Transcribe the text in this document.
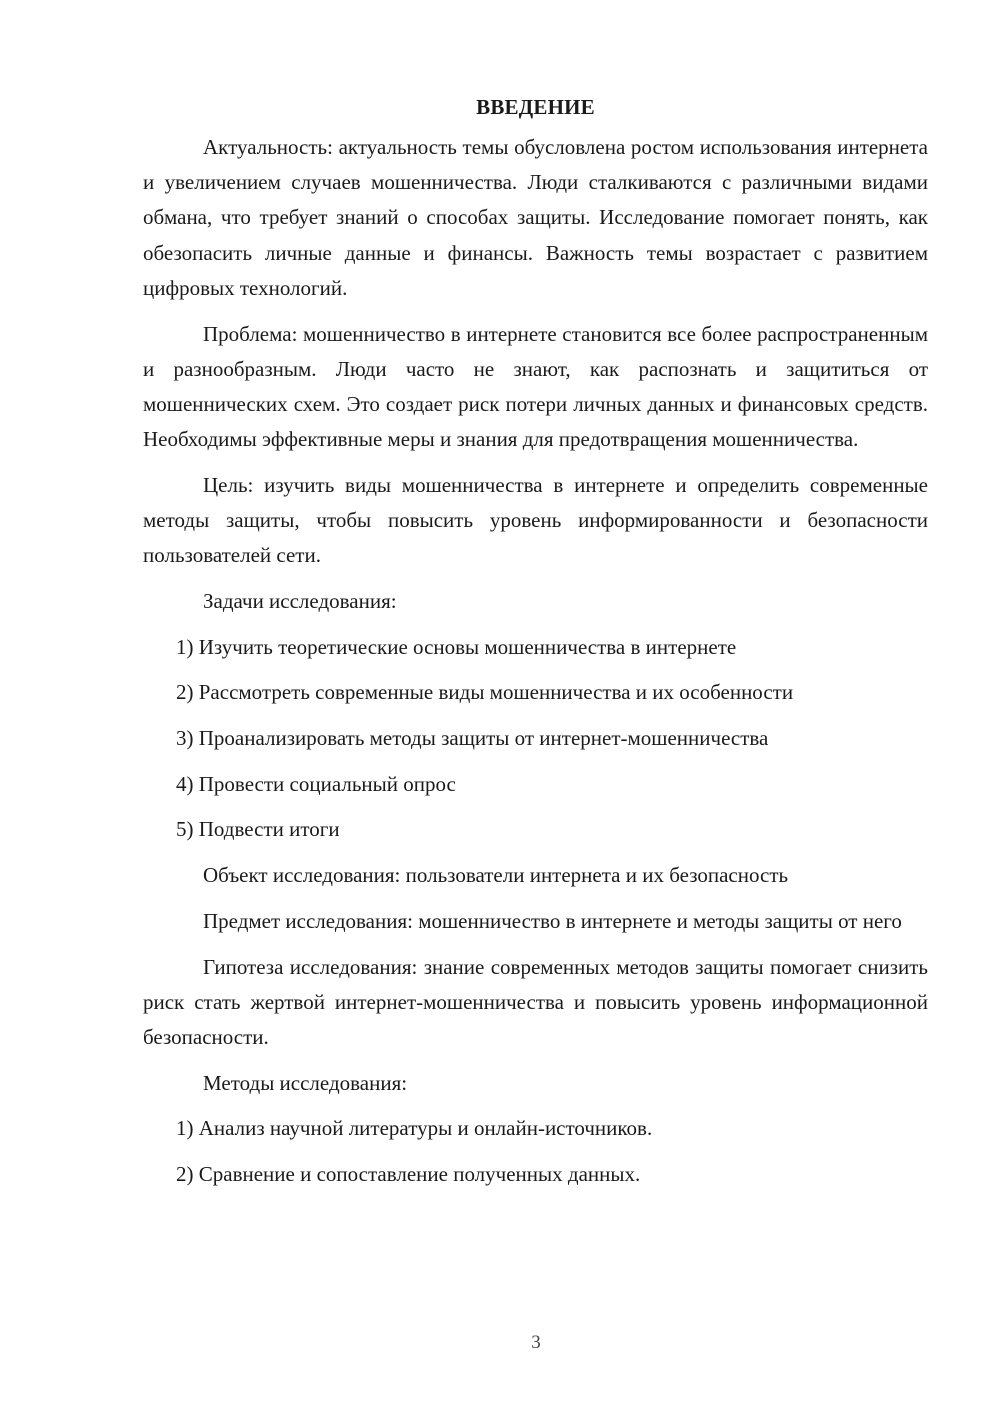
ВВЕДЕНИЕ

Актуальность: актуальность темы обусловлена ростом использования интернета и увеличением случаев мошенничества. Люди сталкиваются с различными видами обмана, что требует знаний о способах защиты. Исследование помогает понять, как обезопасить личные данные и финансы. Важность темы возрастает с развитием цифровых технологий.

Проблема: мошенничество в интернете становится все более распространенным и разнообразным. Люди часто не знают, как распознать и защититься от мошеннических схем. Это создает риск потери личных данных и финансовых средств. Необходимы эффективные меры и знания для предотвращения мошенничества.

Цель: изучить виды мошенничества в интернете и определить современные методы защиты, чтобы повысить уровень информированности и безопасности пользователей сети.

Задачи исследования:

1) Изучить теоретические основы мошенничества в интернете
2) Рассмотреть современные виды мошенничества и их особенности
3) Проанализировать методы защиты от интернет-мошенничества
4) Провести социальный опрос
5) Подвести итоги

Объект исследования: пользователи интернета и их безопасность

Предмет исследования: мошенничество в интернете и методы защиты от него

Гипотеза исследования: знание современных методов защиты помогает снизить риск стать жертвой интернет-мошенничества и повысить уровень информационной безопасности.

Методы исследования:

1) Анализ научной литературы и онлайн-источников.
2) Сравнение и сопоставление полученных данных.
3
